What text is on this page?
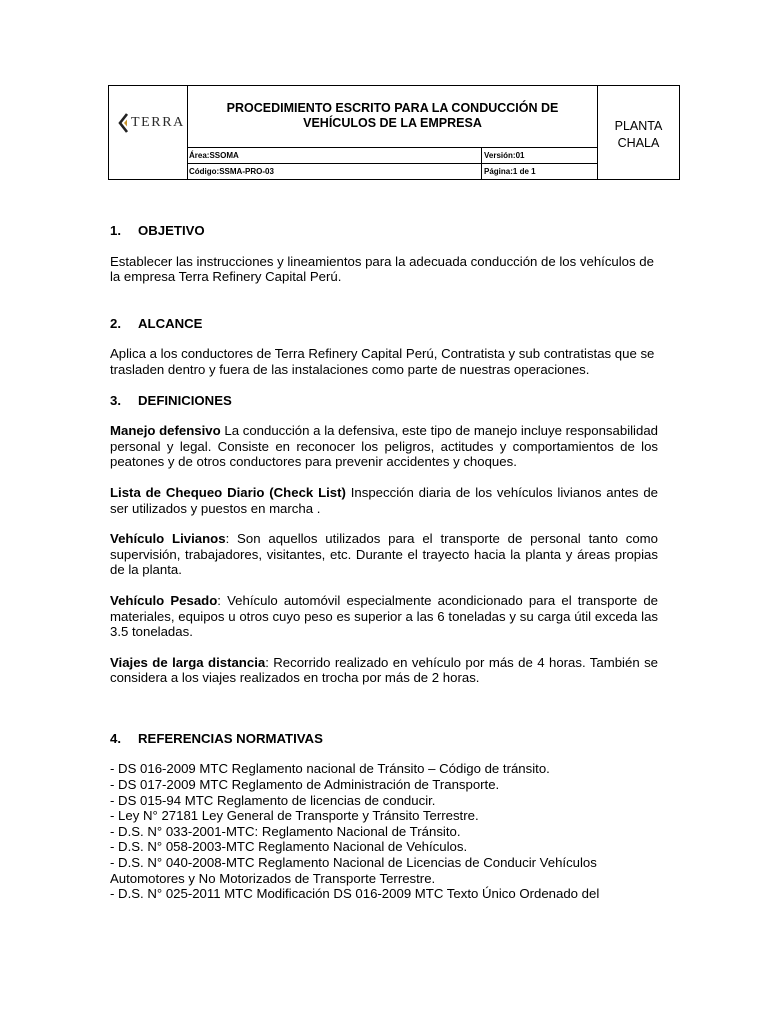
TERRA
PROCEDIMIENTO ESCRITO PARA LA CONDUCCIÓN DE
VEHÍCULOS DE LA EMPRESA
Área:SSOMA	Versión:01
Código:SSMA-PRO-03	Página:1 de 1
PLANTA
CHALA
1.	OBJETIVO

Establecer las instrucciones y lineamientos para la adecuada conducción de los vehículos de la empresa Terra Refinery Capital Perú.

2.	ALCANCE

Aplica a los conductores de Terra Refinery Capital Perú, Contratista y sub contratistas que se trasladen dentro y fuera de las instalaciones como parte de nuestras operaciones.

3.	DEFINICIONES

Manejo defensivo La conducción a la defensiva, este tipo de manejo incluye responsabilidad personal y legal. Consiste en reconocer los peligros, actitudes y comportamientos de los peatones y de otros conductores para prevenir accidentes y choques.

Lista de Chequeo Diario (Check List) Inspección diaria de los vehículos livianos antes de ser utilizados y puestos en marcha .

Vehículo Livianos: Son aquellos utilizados para el transporte de personal tanto como supervisión, trabajadores, visitantes, etc. Durante el trayecto hacia la planta y áreas propias de la planta.

Vehículo Pesado: Vehículo automóvil especialmente acondicionado para el transporte de materiales, equipos u otros cuyo peso es superior a las 6 toneladas y su carga útil exceda las 3.5 toneladas.

Viajes de larga distancia: Recorrido realizado en vehículo por más de 4 horas. También se considera a los viajes realizados en trocha por más de 2 horas.

4.	REFERENCIAS NORMATIVAS
- DS 016-2009 MTC Reglamento nacional de Tránsito – Código de tránsito.
- DS 017-2009 MTC Reglamento de Administración de Transporte.
- DS 015-94 MTC Reglamento de licencias de conducir.
- Ley N° 27181 Ley General de Transporte y Tránsito Terrestre.
- D.S. N° 033-2001-MTC: Reglamento Nacional de Tránsito.
- D.S. N° 058-2003-MTC Reglamento Nacional de Vehículos.
- D.S. N° 040-2008-MTC Reglamento Nacional de Licencias de Conducir Vehículos Automotores y No Motorizados de Transporte Terrestre.
- D.S. N° 025-2011 MTC Modificación DS 016-2009 MTC Texto Único Ordenado del
